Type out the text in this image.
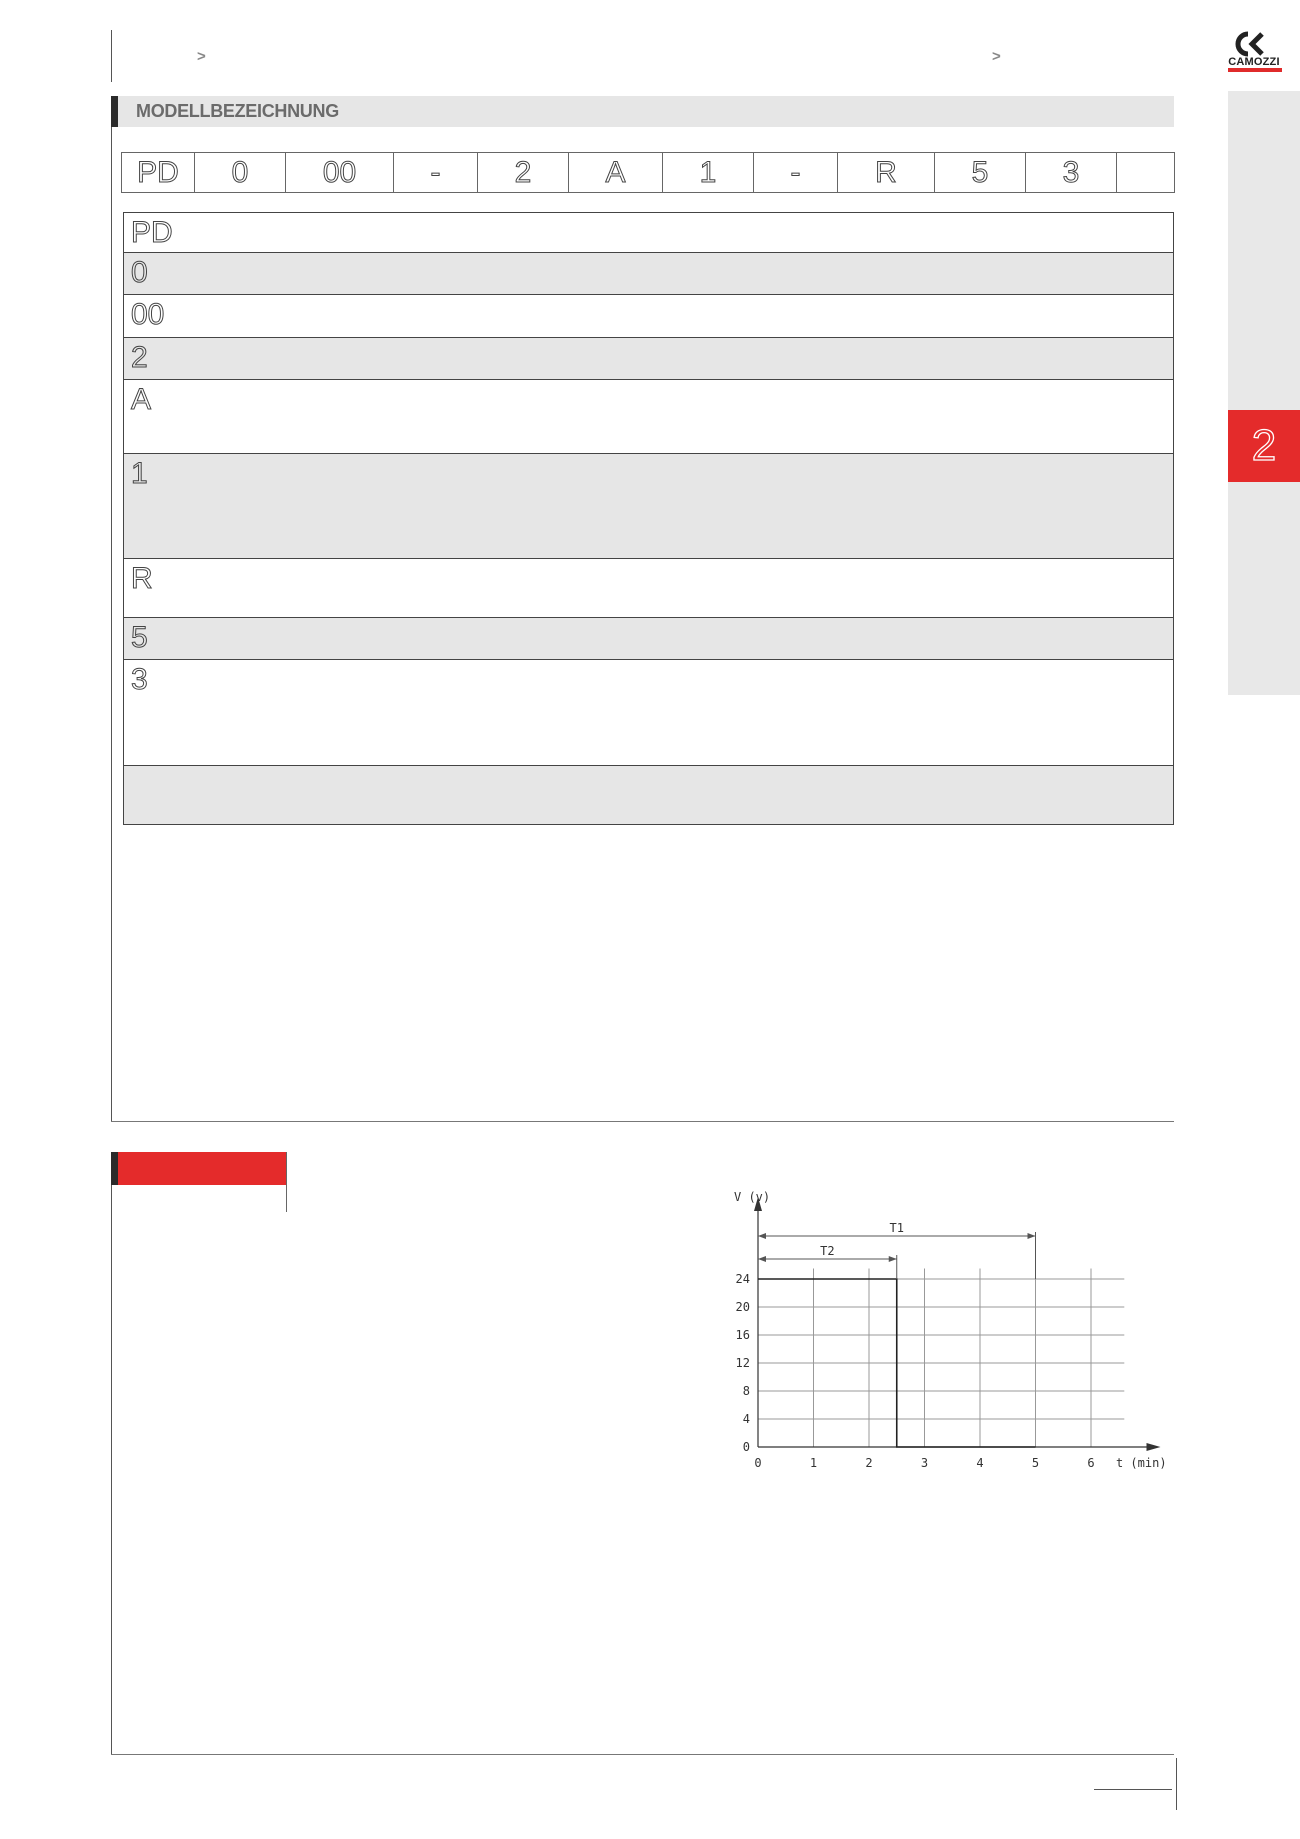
>	>	CAMOZZI
2
MODELLBEZEICHNUNG
PD	0	00	-	2	A	1	-	R	5	3	
PD
0
00
2
A
1
R
5
3

0
4
8
12
16
20
24
0	1	2	3	4	5	6
V (v)
t (min)
T1
T2
